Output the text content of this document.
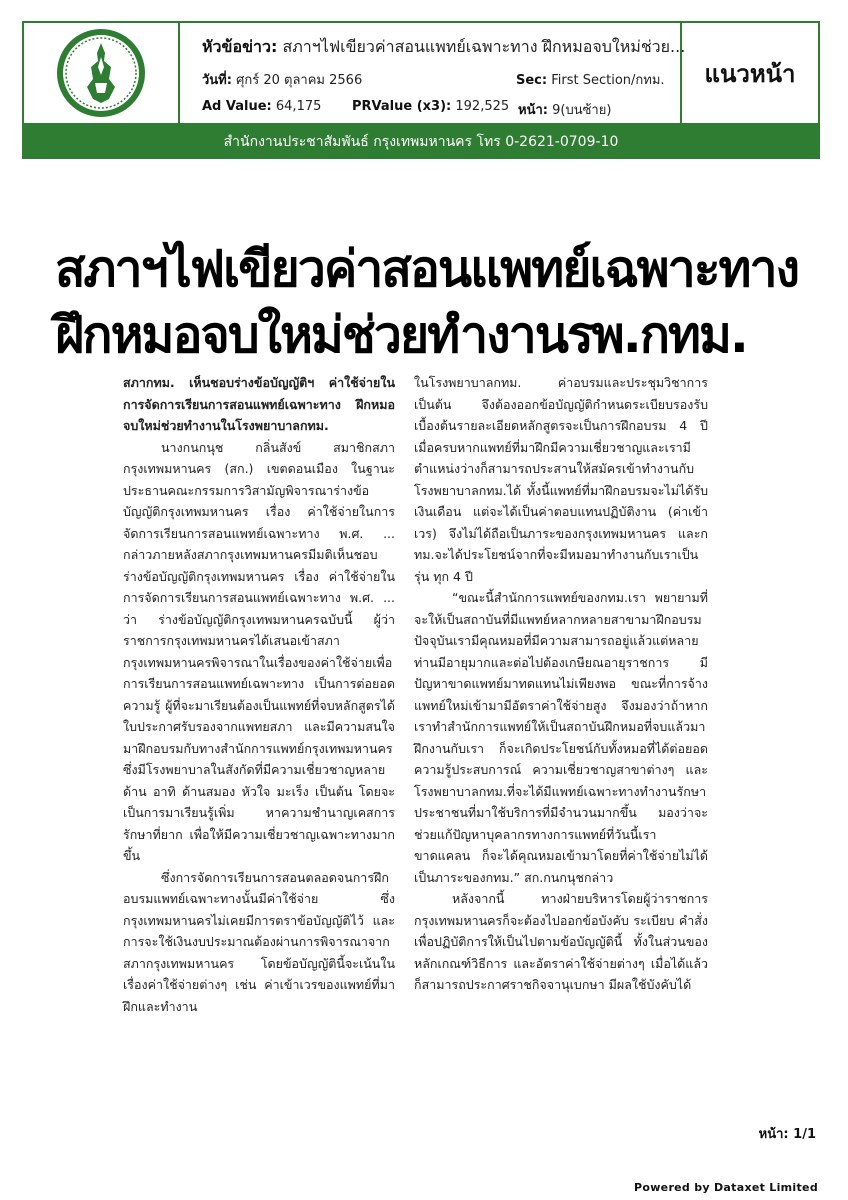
หัวข้อข่าว: สภาฯไฟเขียวค่าสอนแพทย์เฉพาะทาง ฝึกหมอจบใหม่ช่วย...
วันที่: ศุกร์ 20 ตุลาคม 2566	Sec: First Section/กทม.
Ad Value: 64,175 PRValue (x3): 192,525 หน้า: 9(บนซ้าย)
แนวหน้า
สำนักงานประชาสัมพันธ์ กรุงเทพมหานคร โทร 0-2621-0709-10
สภาฯไฟเขียวค่าสอนแพทย์เฉพาะทาง
ฝึกหมอจบใหม่ช่วยทำงานรพ.กทม.

สภากทม. เห็นชอบร่างข้อบัญญัติฯ ค่าใช้จ่ายในการจัดการเรียนการสอนแพทย์เฉพาะทาง ฝึกหมอจบใหม่ช่วยทำงานในโรงพยาบาลกทม.

นางกนกนุช กลิ่นสังข์ สมาชิกสภากรุงเทพมหานคร (สก.) เขตดอนเมือง ในฐานะประธานคณะกรรมการวิสามัญพิจารณาร่างข้อบัญญัติกรุงเทพมหานคร เรื่อง ค่าใช้จ่ายในการจัดการเรียนการสอนแพทย์เฉพาะทาง พ.ศ. ... กล่าวภายหลังสภากรุงเทพมหานครมีมติเห็นชอบร่างข้อบัญญัติกรุงเทพมหานคร เรื่อง ค่าใช้จ่ายในการจัดการเรียนการสอนแพทย์เฉพาะทาง พ.ศ. ... ว่า ร่างข้อบัญญัติกรุงเทพมหานครฉบับนี้ ผู้ว่าราชการกรุงเทพมหานครได้เสนอเข้าสภากรุงเทพมหานครพิจารณาในเรื่องของค่าใช้จ่ายเพื่อการเรียนการสอนแพทย์เฉพาะทาง เป็นการต่อยอดความรู้ ผู้ที่จะมาเรียนต้องเป็นแพทย์ที่จบหลักสูตรได้ใบประกาศรับรองจากแพทยสภา และมีความสนใจมาฝึกอบรมกับทางสำนักการแพทย์กรุงเทพมหานคร ซึ่งมีโรงพยาบาลในสังกัดที่มีความเชี่ยวชาญหลายด้าน อาทิ ด้านสมอง หัวใจ มะเร็ง เป็นต้น โดยจะเป็นการมาเรียนรู้เพิ่ม หาความชำนาญเคสการรักษาที่ยาก เพื่อให้มีความเชี่ยวชาญเฉพาะทางมากขึ้น

ซึ่งการจัดการเรียนการสอนตลอดจนการฝึกอบรมแพทย์เฉพาะทางนั้นมีค่าใช้จ่าย ซึ่งกรุงเทพมหานครไม่เคยมีการตราข้อบัญญัติไว้ และการจะใช้เงินงบประมาณต้องผ่านการพิจารณาจากสภากรุงเทพมหานคร โดยข้อบัญญัตินี้จะเน้นในเรื่องค่าใช้จ่ายต่างๆ เช่น ค่าเข้าเวรของแพทย์ที่มาฝึกและทำงาน

ในโรงพยาบาลกทม. ค่าอบรมและประชุมวิชาการ เป็นต้น จึงต้องออกข้อบัญญัติกำหนดระเบียบรองรับ เบื้องต้นรายละเอียดหลักสูตรจะเป็นการฝึกอบรม 4 ปี เมื่อครบหากแพทย์ที่มาฝึกมีความเชี่ยวชาญและเรามีตำแหน่งว่างก็สามารถประสานให้สมัครเข้าทำงานกับโรงพยาบาลกทม.ได้ ทั้งนี้แพทย์ที่มาฝึกอบรมจะไม่ได้รับเงินเดือน แต่จะได้เป็นค่าตอบแทนปฏิบัติงาน (ค่าเข้าเวร) จึงไม่ได้ถือเป็นภาระของกรุงเทพมหานคร และกทม.จะได้ประโยชน์จากที่จะมีหมอมาทำงานกับเราเป็นรุ่น ทุก 4 ปี

“ขณะนี้สำนักการแพทย์ของกทม.เรา พยายามที่จะให้เป็นสถาบันที่มีแพทย์หลากหลายสาขามาฝึกอบรม ปัจจุบันเรามีคุณหมอที่มีความสามารถอยู่แล้วแต่หลายท่านมีอายุมากและต่อไปต้องเกษียณอายุราชการ มีปัญหาขาดแพทย์มาทดแทนไม่เพียงพอ ขณะที่การจ้างแพทย์ใหม่เข้ามามีอัตราค่าใช้จ่ายสูง จึงมองว่าถ้าหากเราทำสำนักการแพทย์ให้เป็นสถาบันฝึกหมอที่จบแล้วมาฝึกงานกับเรา ก็จะเกิดประโยชน์กับทั้งหมอที่ได้ต่อยอดความรู้ประสบการณ์ ความเชี่ยวชาญสาขาต่างๆ และโรงพยาบาลกทม.ที่จะได้มีแพทย์เฉพาะทางทำงานรักษาประชาชนที่มาใช้บริการที่มีจำนวนมากขึ้น มองว่าจะช่วยแก้ปัญหาบุคลากรทางการแพทย์ที่วันนี้เราขาดแคลน ก็จะได้คุณหมอเข้ามาโดยที่ค่าใช้จ่ายไม่ได้เป็นภาระของกทม.” สก.กนกนุชกล่าว

หลังจากนี้ ทางฝ่ายบริหารโดยผู้ว่าราชการกรุงเทพมหานครก็จะต้องไปออกข้อบังคับ ระเบียบ คำสั่ง เพื่อปฏิบัติการให้เป็นไปตามข้อบัญญัตินี้ ทั้งในส่วนของหลักเกณฑ์วิธีการ และอัตราค่าใช้จ่ายต่างๆ เมื่อได้แล้วก็สามารถประกาศราชกิจจานุเบกษา มีผลใช้บังคับได้

หน้า: 1/1
Powered by Dataxet Limited
